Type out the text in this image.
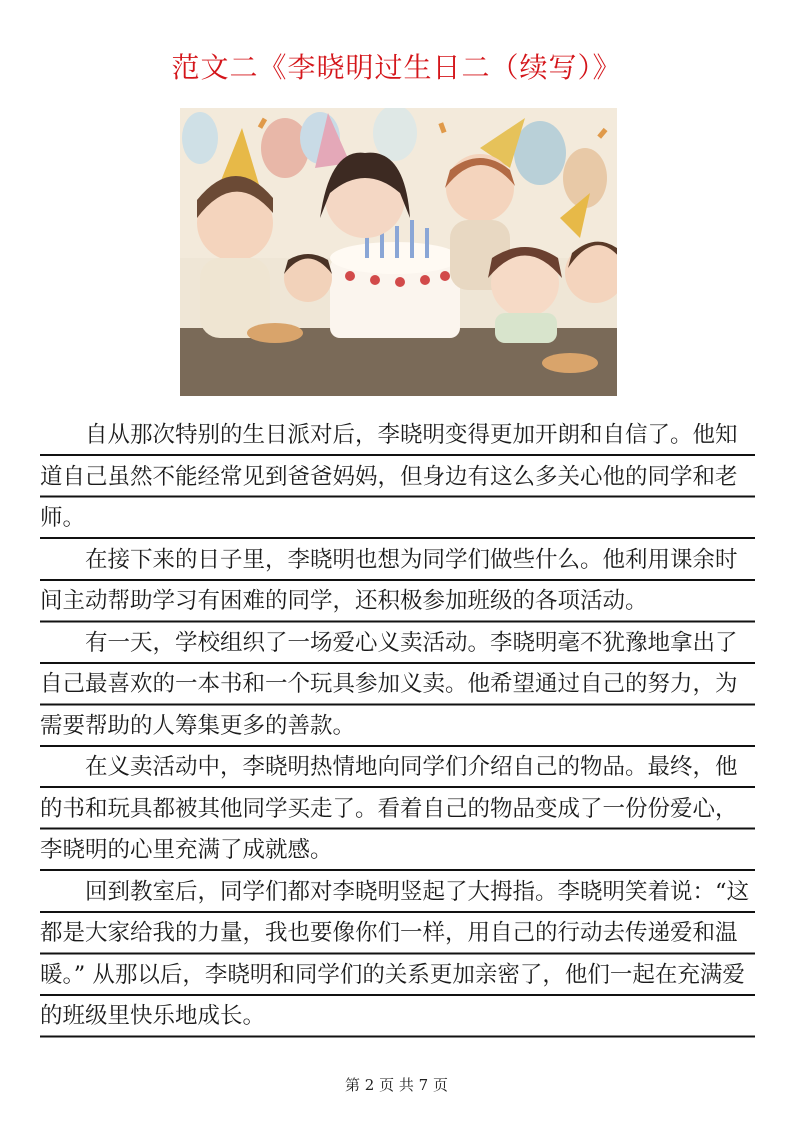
范文二《李晓明过生日二（续写）》

自从那次特别的生日派对后，李晓明变得更加开朗和自信了。他知道自己虽然不能经常见到爸爸妈妈，但身边有这么多关心他的同学和老师。

在接下来的日子里，李晓明也想为同学们做些什么。他利用课余时间主动帮助学习有困难的同学，还积极参加班级的各项活动。

有一天，学校组织了一场爱心义卖活动。李晓明毫不犹豫地拿出了自己最喜欢的一本书和一个玩具参加义卖。他希望通过自己的努力，为需要帮助的人筹集更多的善款。

在义卖活动中，李晓明热情地向同学们介绍自己的物品。最终，他的书和玩具都被其他同学买走了。看着自己的物品变成了一份份爱心，李晓明的心里充满了成就感。

回到教室后，同学们都对李晓明竖起了大拇指。李晓明笑着说：“这都是大家给我的力量，我也要像你们一样，用自己的行动去传递爱和温暖。” 从那以后，李晓明和同学们的关系更加亲密了，他们一起在充满爱的班级里快乐地成长。

第 2 页 共 7 页
